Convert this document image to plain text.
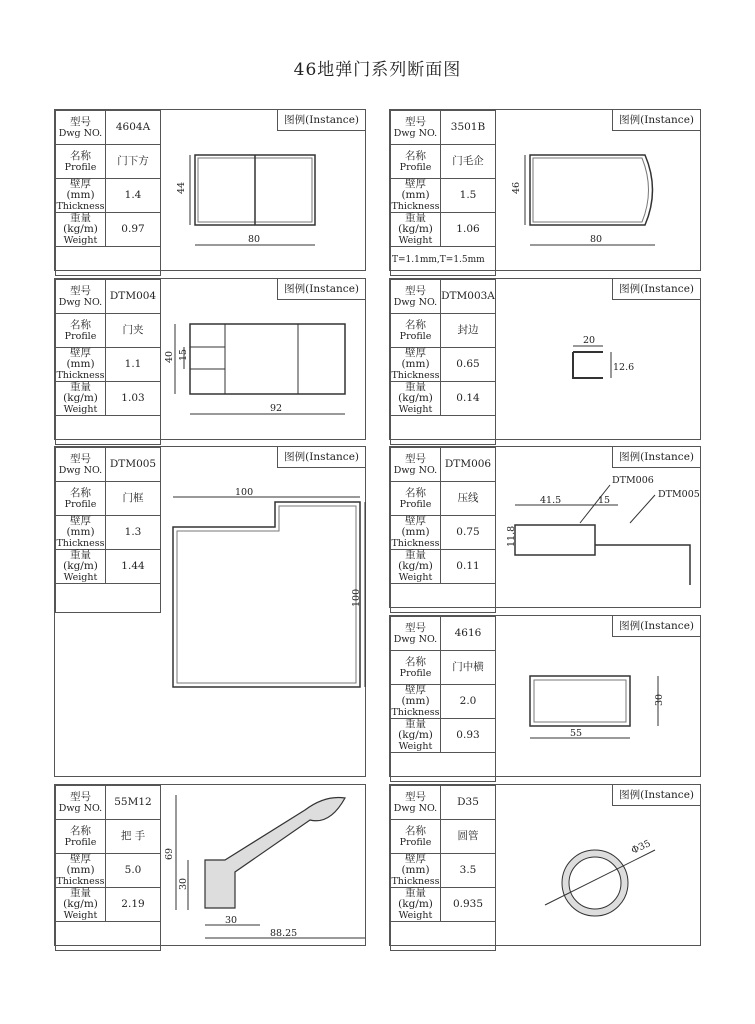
46地弹门系列断面图
型号
Dwg NO.	4604A

名称
Profile	门下方

壁厚 (mm)
Thickness	1.4

重量 (kg/m)
Weight	0.97

图例(Instance)
44
80
型号
Dwg NO.	3501B

名称
Profile	门毛企

壁厚 (mm)
Thickness	1.5

重量 (kg/m)
Weight	1.06

T=1.1mm,T=1.5mm
图例(Instance)
46
80
型号
Dwg NO.	DTM004

名称
Profile	门夹

壁厚 (mm)
Thickness	1.1

重量 (kg/m)
Weight	1.03

图例(Instance)
40 15
92
型号
Dwg NO.	DTM003A

名称
Profile	封边

壁厚 (mm)
Thickness	0.65

重量 (kg/m)
Weight	0.14

图例(Instance)
20
12.6
型号
Dwg NO.	DTM005

名称
Profile	门框

壁厚 (mm)
Thickness	1.3

重量 (kg/m)
Weight	1.44

图例(Instance)
100
100
型号
Dwg NO.	DTM006

名称
Profile	压线

壁厚 (mm)
Thickness	0.75

重量 (kg/m)
Weight	0.11

图例(Instance)
41.5	15
11.8
DTM006
DTM005
型号
Dwg NO.	4616

名称
Profile	门中横

壁厚 (mm)
Thickness	2.0

重量 (kg/m)
Weight	0.93

图例(Instance)
30
55
型号
Dwg NO.	55M12

名称
Profile	把 手

壁厚 (mm)
Thickness	5.0

重量 (kg/m)
Weight	2.19

69
30
30
88.25
型号
Dwg NO.	D35

名称
Profile	圆管

壁厚 (mm)
Thickness	3.5

重量 (kg/m)
Weight	0.935

图例(Instance)
Φ35
